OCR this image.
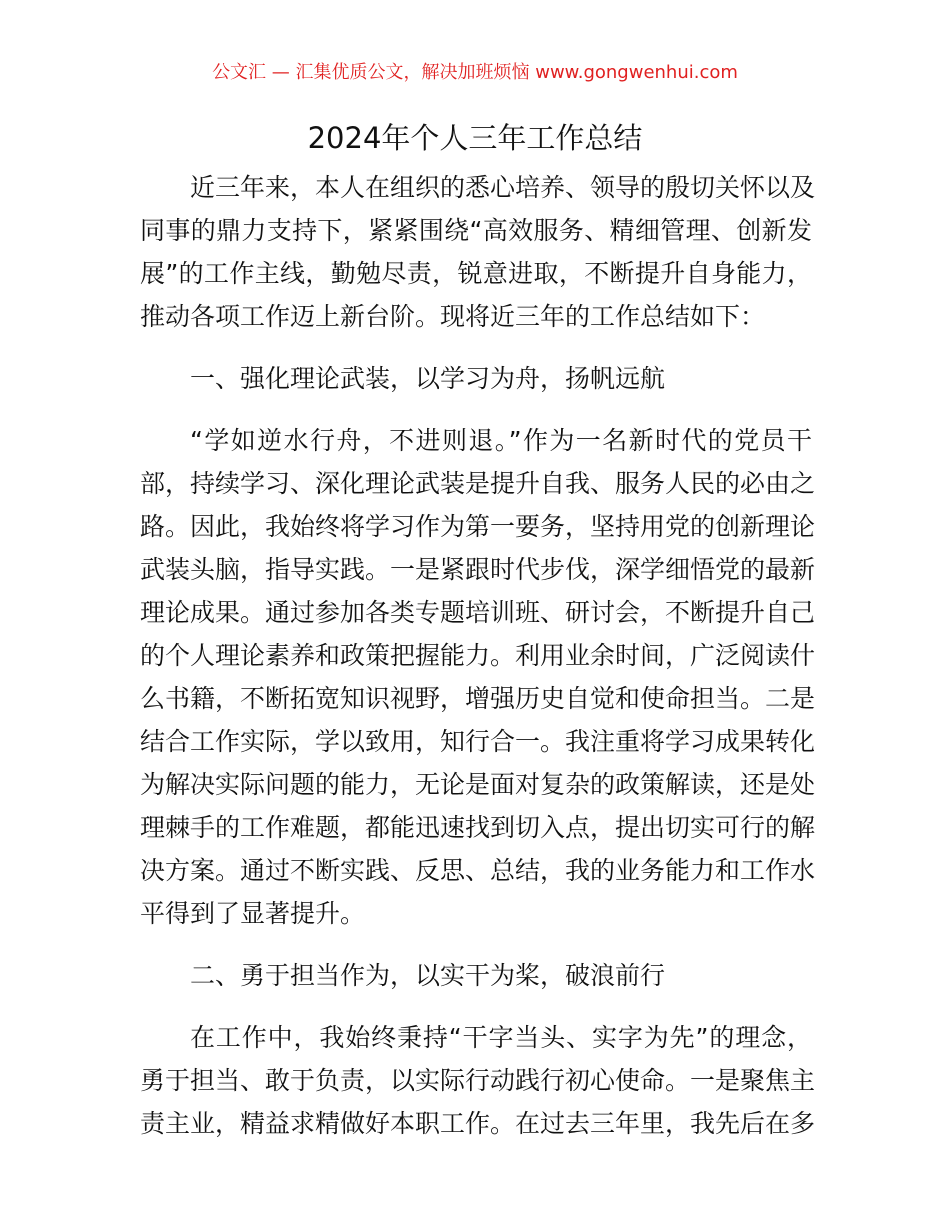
公文汇 — 汇集优质公文，解决加班烦恼 www.gongwenhui.com
2024年个人三年工作总结
近三年来，本人在组织的悉心培养、领导的殷切关怀以及
同事的鼎力支持下，紧紧围绕“高效服务、精细管理、创新发
展”的工作主线，勤勉尽责，锐意进取，不断提升自身能力，
推动各项工作迈上新台阶。现将近三年的工作总结如下：
一、强化理论武装，以学习为舟，扬帆远航
“学如逆水行舟，不进则退。”作为一名新时代的党员干
部，持续学习、深化理论武装是提升自我、服务人民的必由之
路。因此，我始终将学习作为第一要务，坚持用党的创新理论
武装头脑，指导实践。一是紧跟时代步伐，深学细悟党的最新
理论成果。通过参加各类专题培训班、研讨会，不断提升自己
的个人理论素养和政策把握能力。利用业余时间，广泛阅读什
么书籍，不断拓宽知识视野，增强历史自觉和使命担当。二是
结合工作实际，学以致用，知行合一。我注重将学习成果转化
为解决实际问题的能力，无论是面对复杂的政策解读，还是处
理棘手的工作难题，都能迅速找到切入点，提出切实可行的解
决方案。通过不断实践、反思、总结，我的业务能力和工作水
平得到了显著提升。
二、勇于担当作为，以实干为桨，破浪前行
在工作中，我始终秉持“干字当头、实字为先”的理念，
勇于担当、敢于负责，以实际行动践行初心使命。一是聚焦主
责主业，精益求精做好本职工作。在过去三年里，我先后在多
